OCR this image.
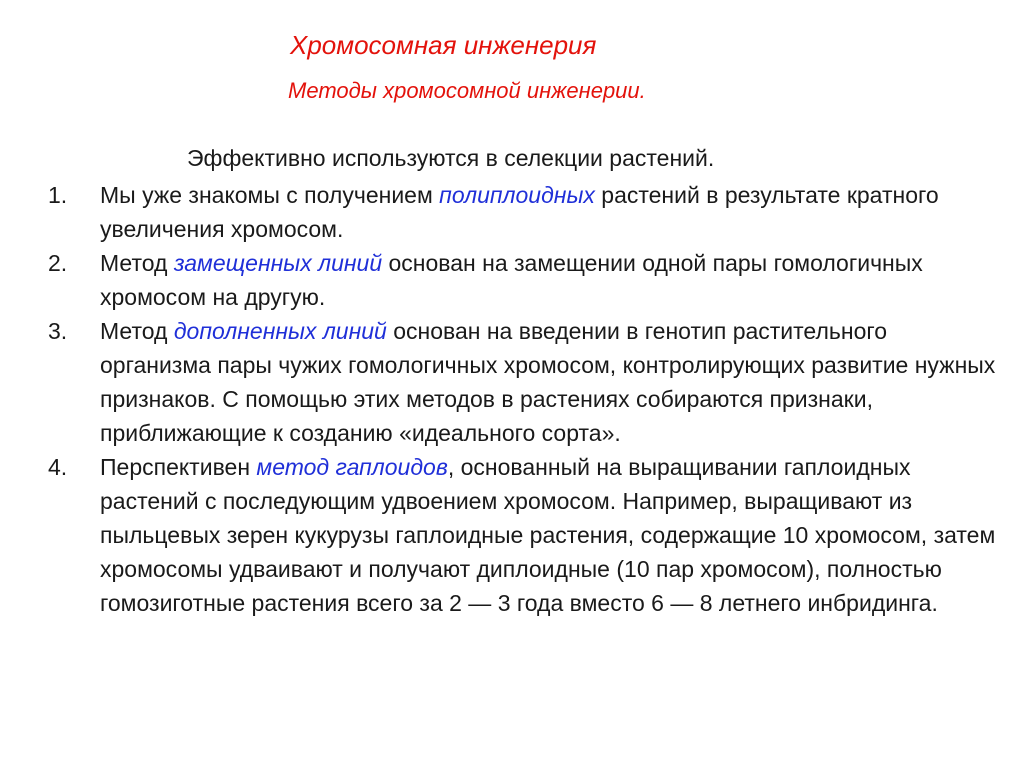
Хромосомная инженерия
Методы хромосомной инженерии.
Эффективно используются в селекции растений.
1. Мы уже знакомы с получением полиплоидных растений в результате кратного увеличения хромосом.
2. Метод замещенных линий основан на замещении одной пары гомологичных хромосом на другую.
3. Метод дополненных линий основан на введении в генотип растительного организма пары чужих гомологичных хромосом, контролирующих развитие нужных признаков. С помощью этих методов в растениях собираются признаки, приближающие к созданию «идеального сорта».
4. Перспективен метод гаплоидов, основанный на выращивании гаплоидных растений с последующим удвоением хромосом. Например, выращивают из пыльцевых зерен кукурузы гаплоидные растения, содержащие 10 хромосом, затем хромосомы удваивают и получают диплоидные (10 пар хромосом), полностью гомозиготные растения всего за 2 — 3 года вместо 6 — 8 летнего инбридинга.
